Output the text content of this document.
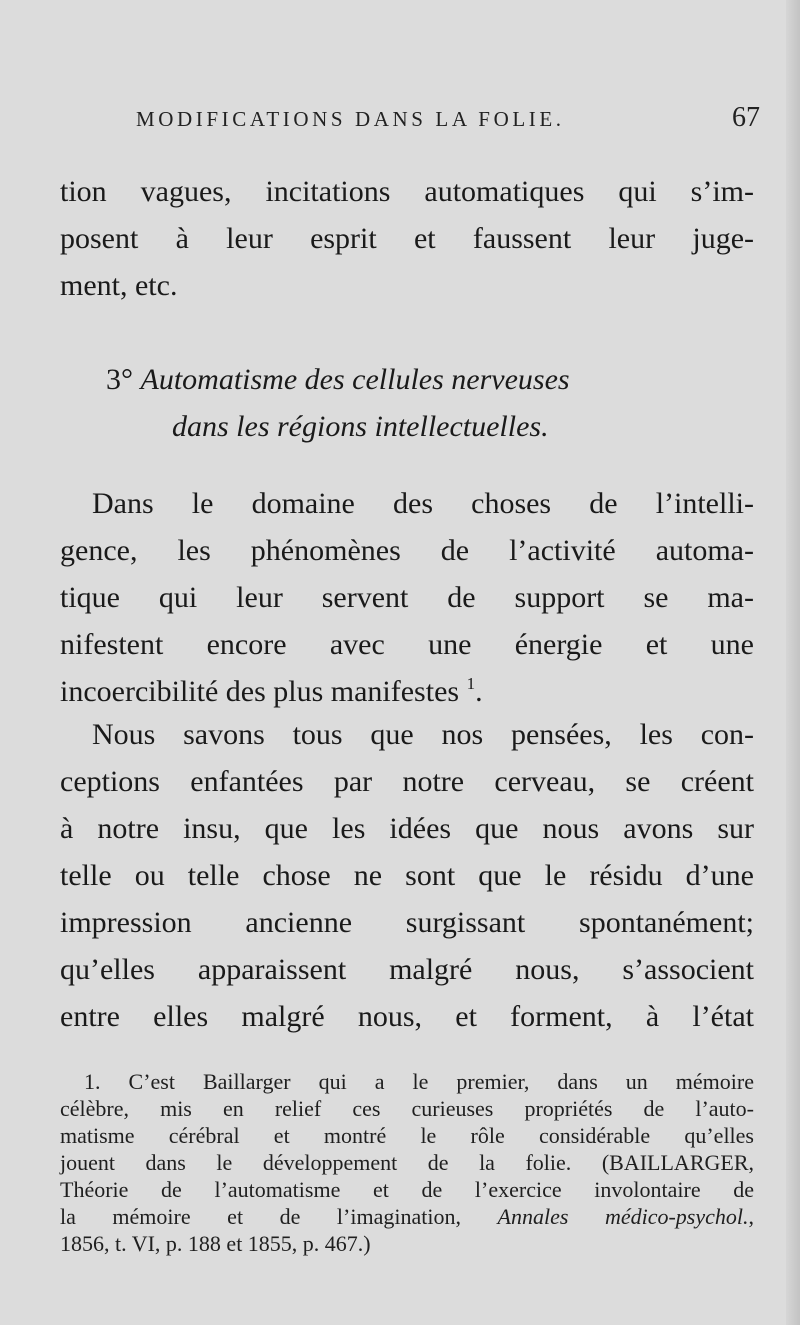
MODIFICATIONS DANS LA FOLIE.	67
tion vagues, incitations automatiques qui s’im-
posent à leur esprit et faussent leur juge-
ment, etc.
3° Automatisme des cellules nerveuses
dans les régions intellectuelles.
Dans le domaine des choses de l’intelli-
gence, les phénomènes de l’activité automa-
tique qui leur servent de support se ma-
nifestent encore avec une énergie et une
incoercibilité des plus manifestes $^1$.
Nous savons tous que nos pensées, les con-
ceptions enfantées par notre cerveau, se créent
à notre insu, que les idées que nous avons sur
telle ou telle chose ne sont que le résidu d’une
impression ancienne surgissant spontanément;
qu’elles apparaissent malgré nous, s’associent
entre elles malgré nous, et forment, à l’état
1. C’est Baillarger qui a le premier, dans un mémoire
célèbre, mis en relief ces curieuses propriétés de l’auto-
matisme cérébral et montré le rôle considérable qu’elles
jouent dans le développement de la folie. (BAILLARGER,
Théorie de l’automatisme et de l’exercice involontaire de
la mémoire et de l’imagination, Annales médico-psychol.,
1856, t. VI, p. 188 et 1855, p. 467.)
